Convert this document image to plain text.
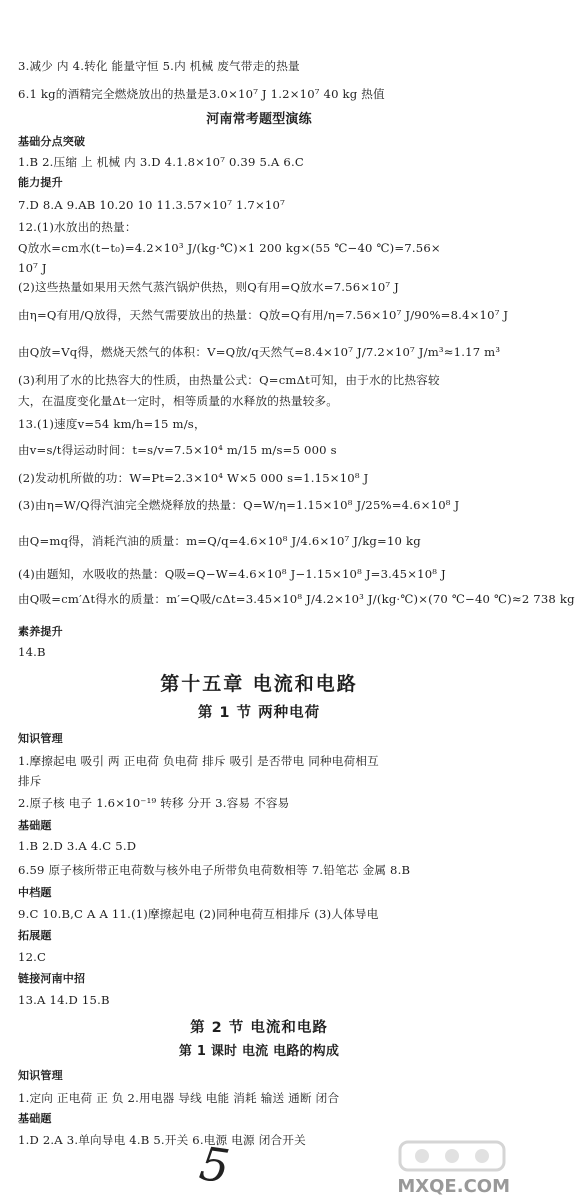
3.减少 内 4.转化 能量守恒 5.内 机械 废气带走的热量
6.1 kg的酒精完全燃烧放出的热量是3.0×10⁷ J 1.2×10⁷ 40 kg 热值
河南常考题型演练
基础分点突破
1.B 2.压缩 上 机械 内 3.D 4.1.8×10⁷ 0.39 5.A 6.C
能力提升
7.D 8.A 9.AB 10.20 10 11.3.57×10⁷ 1.7×10⁷
12.(1)水放出的热量：
Q放水=cm水(t−t₀)=4.2×10³ J/(kg·℃)×1 200 kg×(55 ℃−40 ℃)=7.56×
10⁷ J
(2)这些热量如果用天然气蒸汽锅炉供热，则Q有用=Q放水=7.56×10⁷ J
由η=Q有用/Q放得，天然气需要放出的热量：Q放=Q有用/η=7.56×10⁷ J/90%=8.4×10⁷ J
由Q放=Vq得，燃烧天然气的体积：V=Q放/q天然气=8.4×10⁷ J/7.2×10⁷ J/m³≈1.17 m³
(3)利用了水的比热容大的性质，由热量公式：Q=cmΔt可知，由于水的比热容较
大，在温度变化量Δt一定时，相等质量的水释放的热量较多。
13.(1)速度v=54 km/h=15 m/s，
由v=s/t得运动时间：t=s/v=7.5×10⁴ m/15 m/s=5 000 s
(2)发动机所做的功：W=Pt=2.3×10⁴ W×5 000 s=1.15×10⁸ J
(3)由η=W/Q得汽油完全燃烧释放的热量：Q=W/η=1.15×10⁸ J/25%=4.6×10⁸ J
由Q=mq得，消耗汽油的质量：m=Q/q=4.6×10⁸ J/4.6×10⁷ J/kg=10 kg
(4)由题知，水吸收的热量：Q吸=Q−W=4.6×10⁸ J−1.15×10⁸ J=3.45×10⁸ J
由Q吸=cm′Δt得水的质量：m′=Q吸/cΔt=3.45×10⁸ J/4.2×10³ J/(kg·℃)×(70 ℃−40 ℃)≈2 738 kg
素养提升
14.B
第十五章 电流和电路
第 1 节 两种电荷
知识管理
1.摩擦起电 吸引 两 正电荷 负电荷 排斥 吸引 是否带电 同种电荷相互
排斥
2.原子核 电子 1.6×10⁻¹⁹ 转移 分开 3.容易 不容易
基础题
1.B 2.D 3.A 4.C 5.D
6.59 原子核所带正电荷数与核外电子所带负电荷数相等 7.铅笔芯 金属 8.B
中档题
9.C 10.B,C A A 11.(1)摩擦起电 (2)同种电荷互相排斥 (3)人体导电
拓展题
12.C
链接河南中招
13.A 14.D 15.B
第 2 节 电流和电路
第 1 课时 电流 电路的构成
知识管理
1.定向 正电荷 正 负 2.用电器 导线 电能 消耗 输送 通断 闭合
基础题
1.D 2.A 3.单向导电 4.B 5.开关 6.电源 电源 闭合开关
5	MXQE.COM
